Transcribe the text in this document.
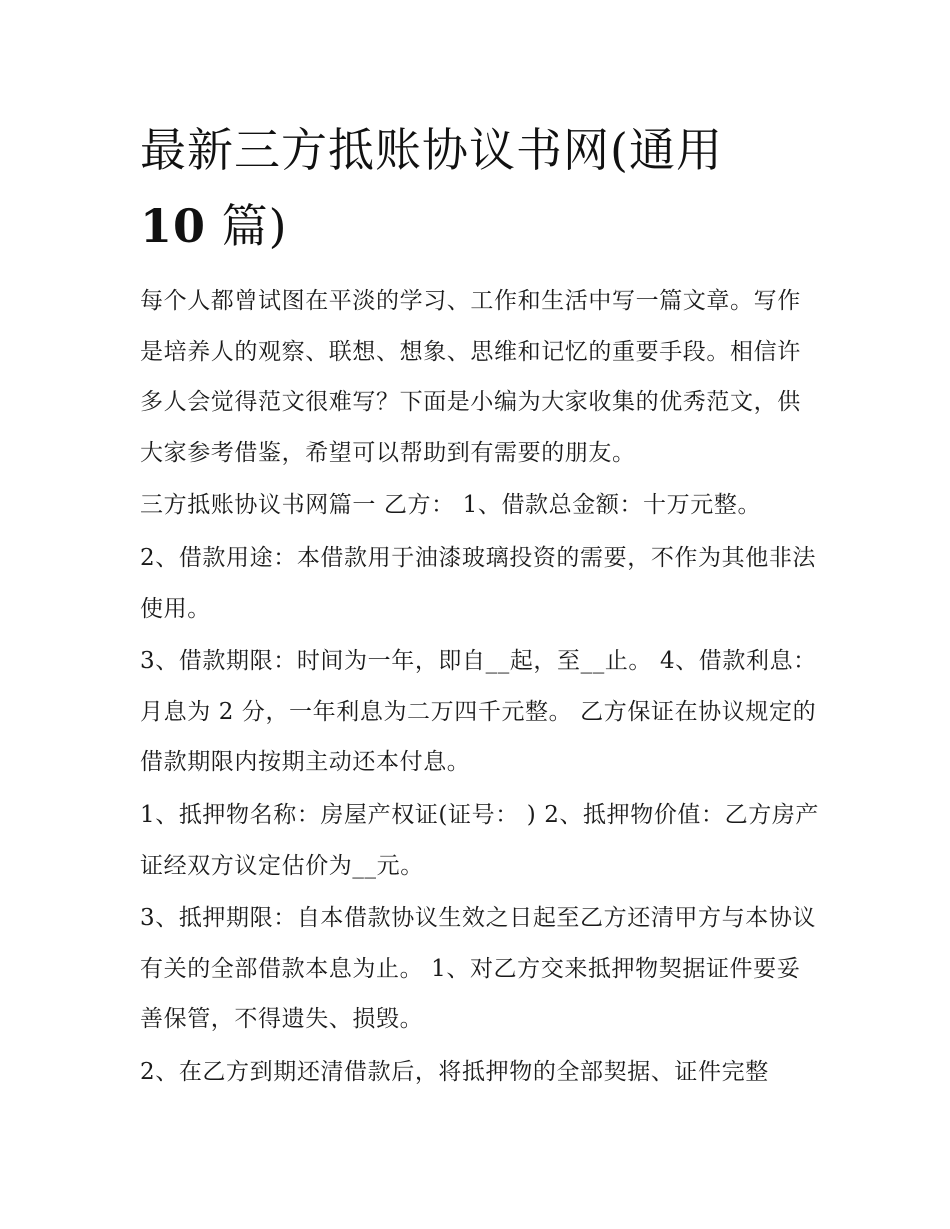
最新三方抵账协议书网(通用
10 篇)

每个人都曾试图在平淡的学习、工作和生活中写一篇文章。写作是培养人的观察、联想、想象、思维和记忆的重要手段。相信许多人会觉得范文很难写？下面是小编为大家收集的优秀范文，供大家参考借鉴，希望可以帮助到有需要的朋友。

三方抵账协议书网篇一 乙方： 1、借款总金额：十万元整。

2、借款用途：本借款用于油漆玻璃投资的需要，不作为其他非法使用。

3、借款期限：时间为一年，即自__起，至__止。 4、借款利息：月息为 2 分，一年利息为二万四千元整。 乙方保证在协议规定的借款期限内按期主动还本付息。

1、抵押物名称：房屋产权证(证号： ) 2、抵押物价值：乙方房产证经双方议定估价为__元。

3、抵押期限：自本借款协议生效之日起至乙方还清甲方与本协议有关的全部借款本息为止。 1、对乙方交来抵押物契据证件要妥善保管，不得遗失、损毁。

2、在乙方到期还清借款后，将抵押物的全部契据、证件完整
